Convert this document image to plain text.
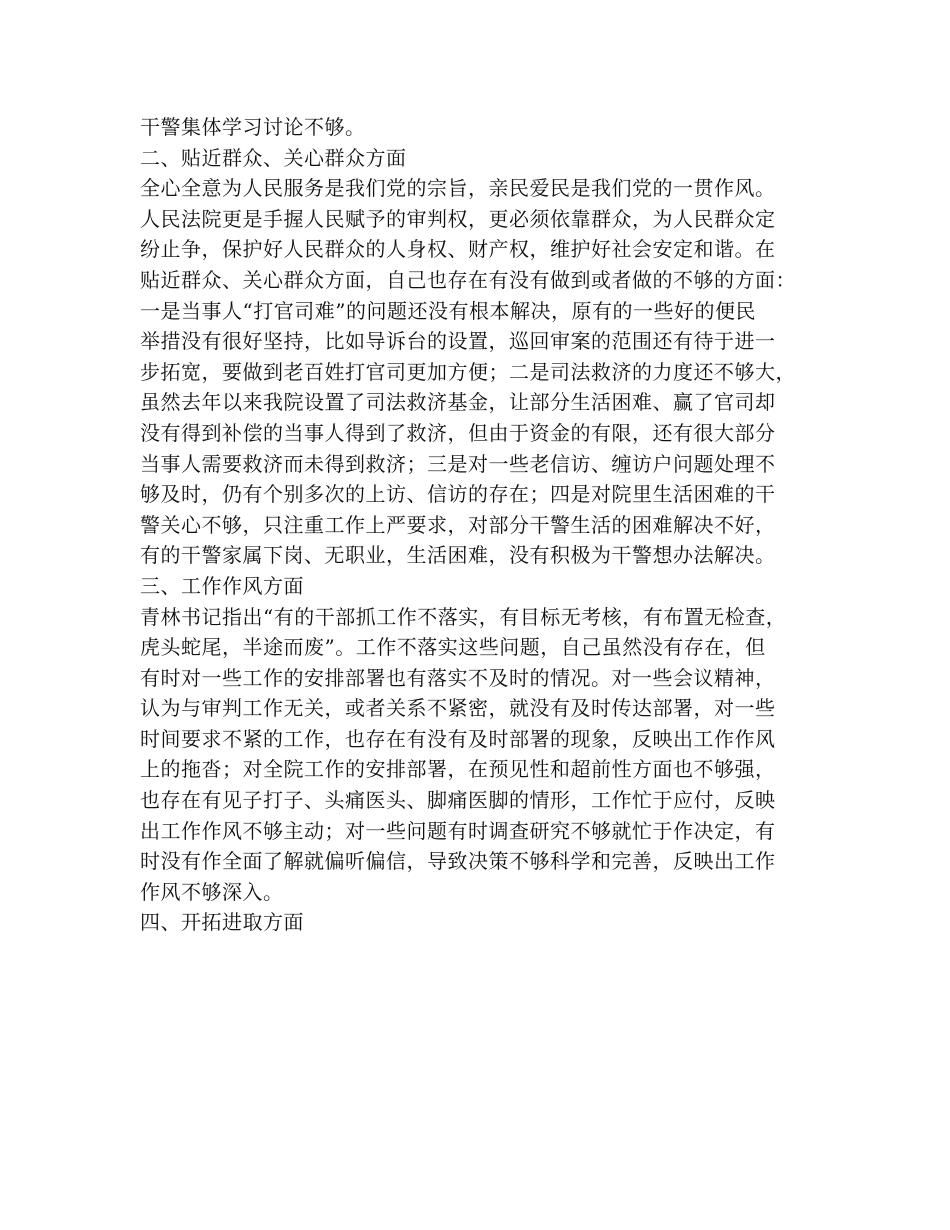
干警集体学习讨论不够。
二、贴近群众、关心群众方面
全心全意为人民服务是我们党的宗旨，亲民爱民是我们党的一贯作风。
人民法院更是手握人民赋予的审判权，更必须依靠群众，为人民群众定
纷止争，保护好人民群众的人身权、财产权，维护好社会安定和谐。在
贴近群众、关心群众方面，自己也存在有没有做到或者做的不够的方面：
一是当事人“打官司难”的问题还没有根本解决，原有的一些好的便民
举措没有很好坚持，比如导诉台的设置，巡回审案的范围还有待于进一
步拓宽，要做到老百姓打官司更加方便；二是司法救济的力度还不够大，
虽然去年以来我院设置了司法救济基金，让部分生活困难、赢了官司却
没有得到补偿的当事人得到了救济，但由于资金的有限，还有很大部分
当事人需要救济而未得到救济；三是对一些老信访、缠访户问题处理不
够及时，仍有个别多次的上访、信访的存在；四是对院里生活困难的干
警关心不够，只注重工作上严要求，对部分干警生活的困难解决不好，
有的干警家属下岗、无职业，生活困难，没有积极为干警想办法解决。
三、工作作风方面
青林书记指出“有的干部抓工作不落实，有目标无考核，有布置无检查，
虎头蛇尾，半途而废”。工作不落实这些问题，自己虽然没有存在，但
有时对一些工作的安排部署也有落实不及时的情况。对一些会议精神，
认为与审判工作无关，或者关系不紧密，就没有及时传达部署，对一些
时间要求不紧的工作，也存在有没有及时部署的现象，反映出工作作风
上的拖沓；对全院工作的安排部署，在预见性和超前性方面也不够强，
也存在有见子打子、头痛医头、脚痛医脚的情形，工作忙于应付，反映
出工作作风不够主动；对一些问题有时调查研究不够就忙于作决定，有
时没有作全面了解就偏听偏信，导致决策不够科学和完善，反映出工作
作风不够深入。
四、开拓进取方面
